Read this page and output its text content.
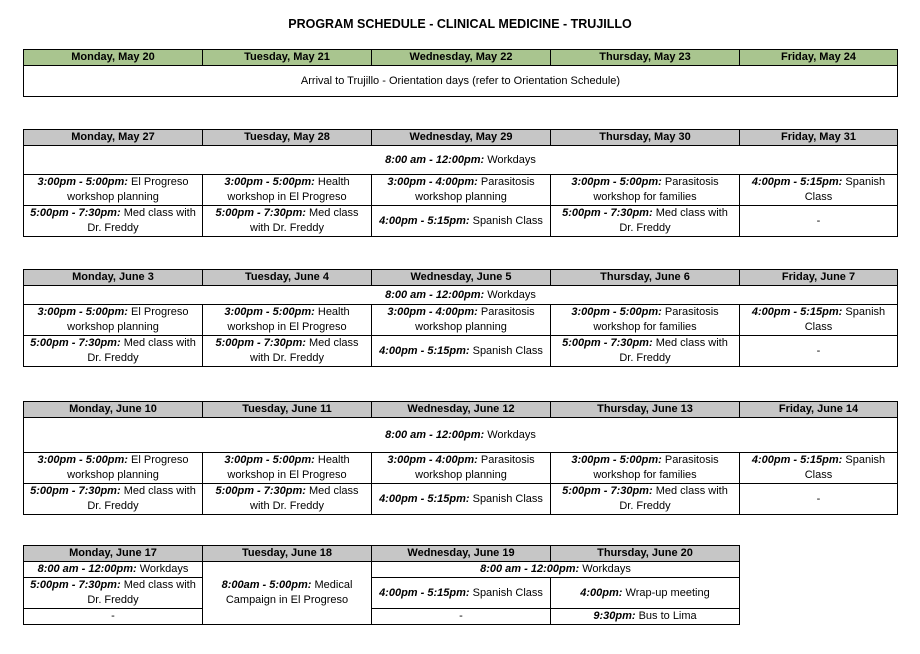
PROGRAM SCHEDULE - CLINICAL MEDICINE - TRUJILLO
Monday, May 20	Tuesday, May 21	Wednesday, May 22	Thursday, May 23	Friday, May 24
Arrival to Trujillo - Orientation days (refer to Orientation Schedule)
Monday, May 27	Tuesday, May 28	Wednesday, May 29	Thursday, May 30	Friday, May 31
8:00 am - 12:00pm: Workdays				
3:00pm - 5:00pm: El Progreso workshop planning	3:00pm - 5:00pm: Health workshop in El Progreso	3:00pm - 4:00pm: Parasitosis workshop planning	3:00pm - 5:00pm: Parasitosis workshop for families	4:00pm - 5:15pm: Spanish Class
5:00pm - 7:30pm: Med class with Dr. Freddy	5:00pm - 7:30pm: Med class with Dr. Freddy	4:00pm - 5:15pm: Spanish Class	5:00pm - 7:30pm: Med class with Dr. Freddy	-
Monday, June 3	Tuesday, June 4	Wednesday, June 5	Thursday, June 6	Friday, June 7
8:00 am - 12:00pm: Workdays				
3:00pm - 5:00pm: El Progreso workshop planning	3:00pm - 5:00pm: Health workshop in El Progreso	3:00pm - 4:00pm: Parasitosis workshop planning	3:00pm - 5:00pm: Parasitosis workshop for families	4:00pm - 5:15pm: Spanish Class
5:00pm - 7:30pm: Med class with Dr. Freddy	5:00pm - 7:30pm: Med class with Dr. Freddy	4:00pm - 5:15pm: Spanish Class	5:00pm - 7:30pm: Med class with Dr. Freddy	-
Monday, June 10	Tuesday, June 11	Wednesday, June 12	Thursday, June 13	Friday, June 14
8:00 am - 12:00pm: Workdays				
3:00pm - 5:00pm: El Progreso workshop planning	3:00pm - 5:00pm: Health workshop in El Progreso	3:00pm - 4:00pm: Parasitosis workshop planning	3:00pm - 5:00pm: Parasitosis workshop for families	4:00pm - 5:15pm: Spanish Class
5:00pm - 7:30pm: Med class with Dr. Freddy	5:00pm - 7:30pm: Med class with Dr. Freddy	4:00pm - 5:15pm: Spanish Class	5:00pm - 7:30pm: Med class with Dr. Freddy	-
Monday, June 17	Tuesday, June 18	Wednesday, June 19	Thursday, June 20
8:00 am - 12:00pm: Workdays	8:00am - 5:00pm: Medical Campaign in El Progreso	8:00 am - 12:00pm: Workdays	
5:00pm - 7:30pm: Med class with Dr. Freddy		4:00pm - 5:15pm: Spanish Class	4:00pm: Wrap-up meeting
-		-	9:30pm: Bus to Lima
